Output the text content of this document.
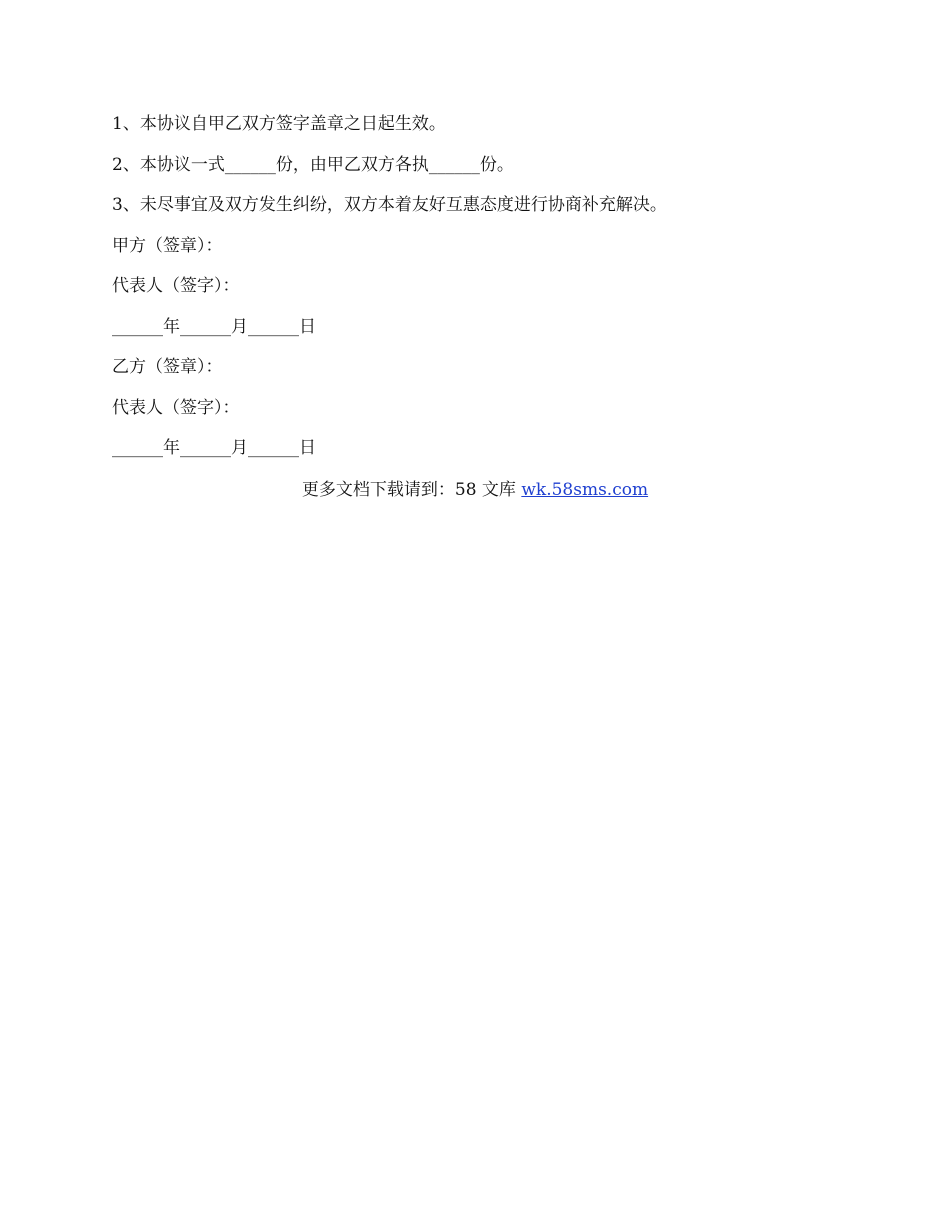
1、本协议自甲乙双方签字盖章之日起生效。
2、本协议一式______份，由甲乙双方各执______份。
3、未尽事宜及双方发生纠纷，双方本着友好互惠态度进行协商补充解决。
甲方（签章）：
代表人（签字）：
______年______月______日
乙方（签章）：
代表人（签字）：
______年______月______日
更多文档下载请到：58 文库 wk.58sms.com
